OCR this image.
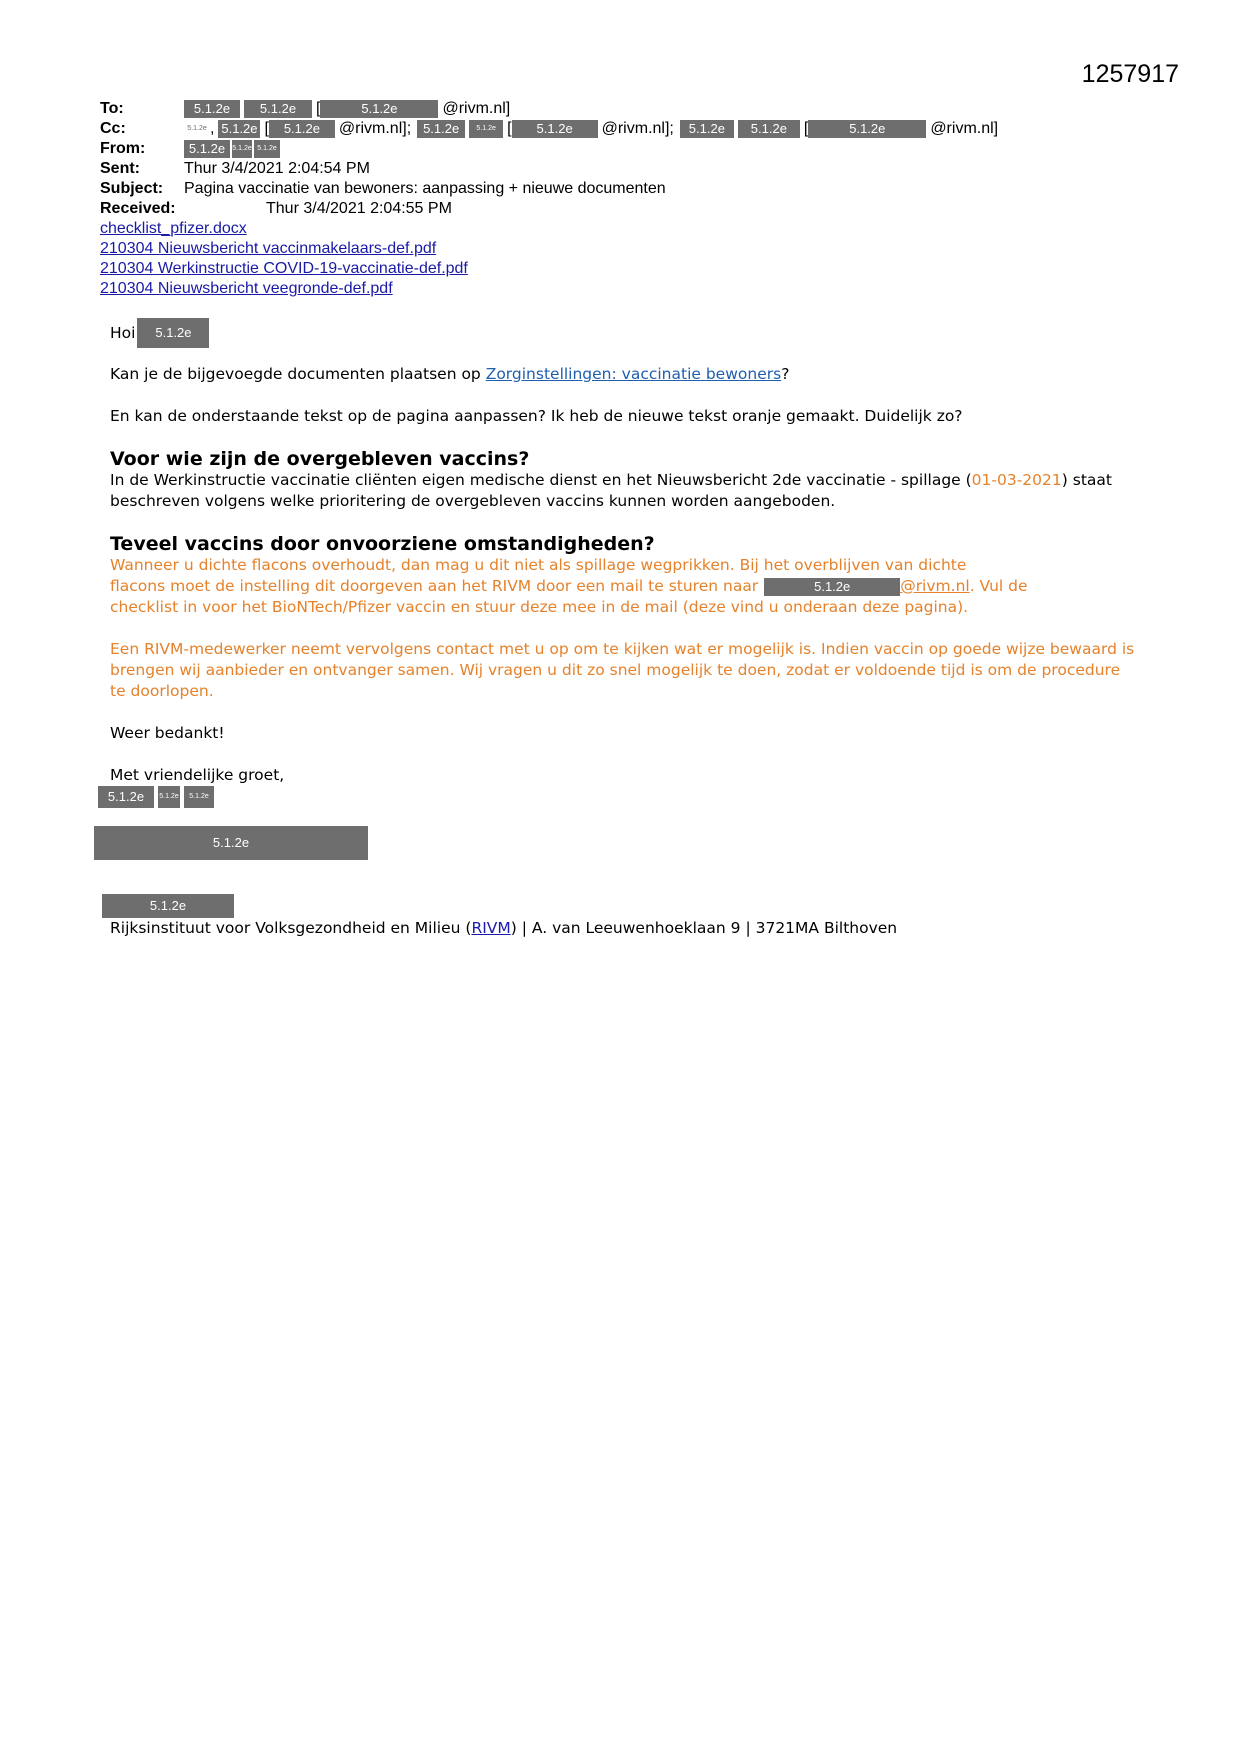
1257917
To:	5.1.2e	5.1.2e	[	5.1.2e	@rivm.nl]
Cc:	5.1.2e , 5.1.2e [	5.1.2e	@rivm.nl]; 5.1.2e	5.1.2e [	5.1.2e	@rivm.nl];	5.1.2e	5.1.2e	[	5.1.2e	@rivm.nl]
From:	5.1.2e	5.1.2e 5.1.2e
Sent:	Thur 3/4/2021 2:04:54 PM
Subject: Pagina vaccinatie van bewoners: aanpassing + nieuwe documenten
Received:	Thur 3/4/2021 2:04:55 PM
checklist_pfizer.docx
210304 Nieuwsbericht vaccinmakelaars-def.pdf
210304 Werkinstructie COVID-19-vaccinatie-def.pdf
210304 Nieuwsbericht veegronde-def.pdf
Hoi	5.1.2e

Kan je de bijgevoegde documenten plaatsen op Zorginstellingen: vaccinatie bewoners?

En kan de onderstaande tekst op de pagina aanpassen? Ik heb de nieuwe tekst oranje gemaakt. Duidelijk zo?

Voor wie zijn de overgebleven vaccins?

In de Werkinstructie vaccinatie cliënten eigen medische dienst en het Nieuwsbericht 2de vaccinatie - spillage (01-03-2021) staat beschreven volgens welke prioritering de overgebleven vaccins kunnen worden aangeboden.

Teveel vaccins door onvoorziene omstandigheden?

Wanneer u dichte flacons overhoudt, dan mag u dit niet als spillage wegprikken. Bij het overblijven van dichte
flacons moet de instelling dit doorgeven aan het RIVM door een mail te sturen naar	5.1.2e	@rivm.nl . Vul de
checklist in voor het BioNTech/Pfizer vaccin en stuur deze mee in de mail (deze vind u onderaan deze pagina).

Een RIVM-medewerker neemt vervolgens contact met u op om te kijken wat er mogelijk is. Indien vaccin op goede wijze bewaard is brengen wij aanbieder en ontvanger samen. Wij vragen u dit zo snel mogelijk te doen, zodat er voldoende tijd is om de procedure te doorlopen.

Weer bedankt!

Met vriendelijke groet,

5.1.2e	5.1.2e	5.1.2e
5.1.2e
5.1.2e
Rijksinstituut voor Volksgezondheid en Milieu (RIVM) | A. van Leeuwenhoeklaan 9 | 3721MA Bilthoven
